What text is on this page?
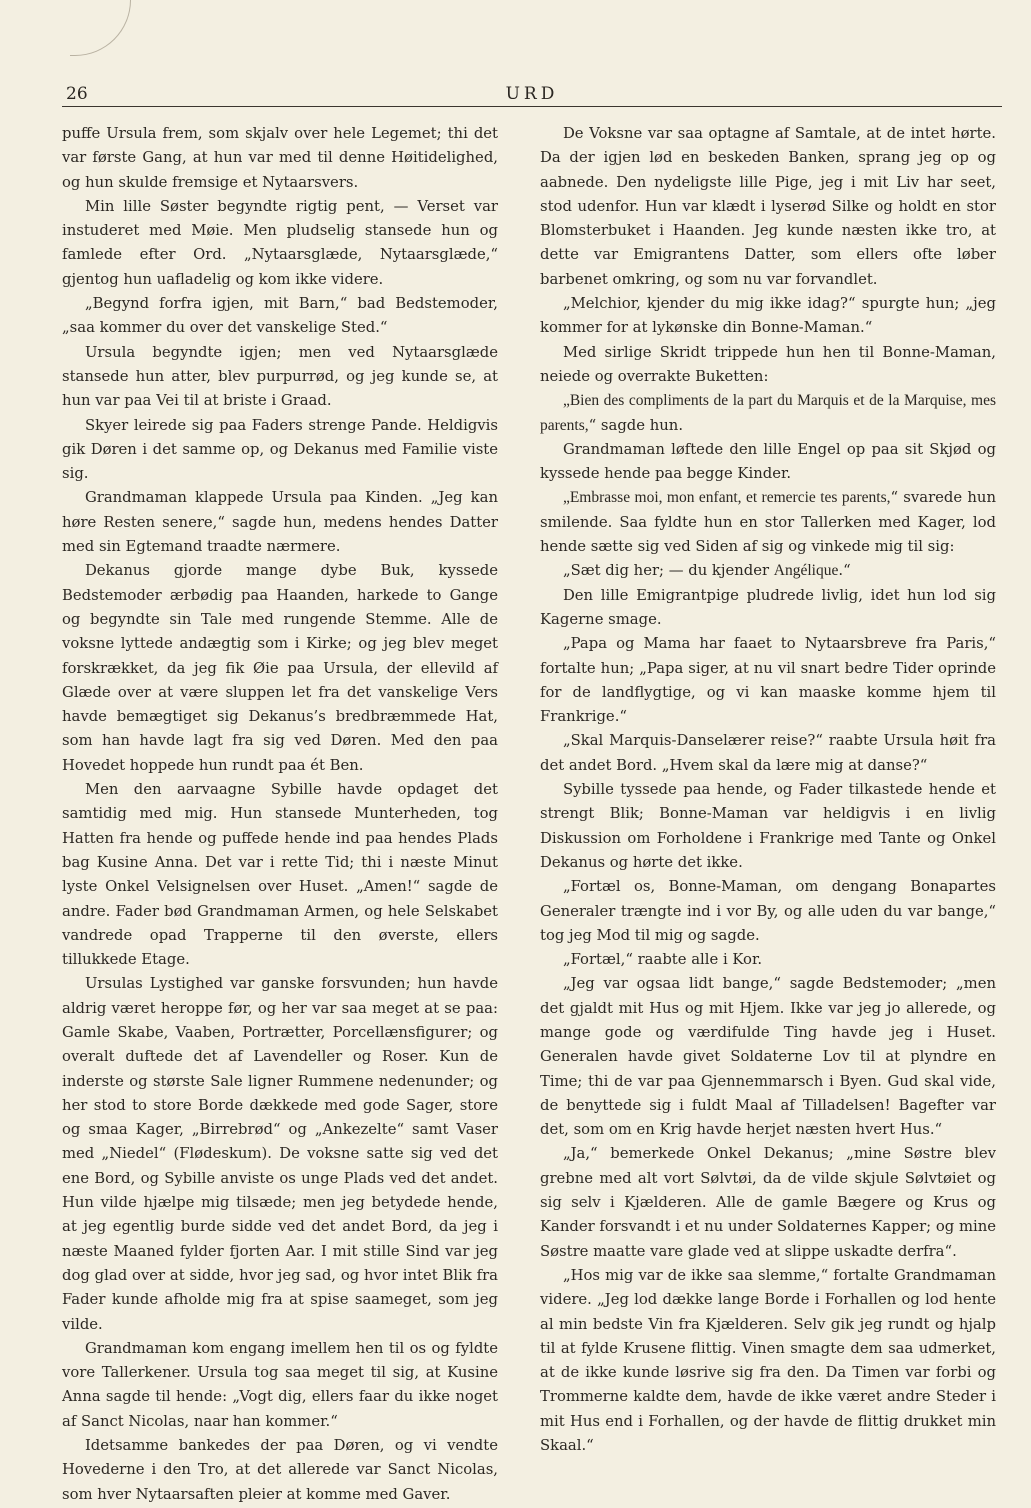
26	URD

puffe Ursula frem, som skjalv over hele Legemet; thi det var første Gang, at hun var med til denne Høitidelighed, og hun skulde fremsige et Nytaarsvers.

Min lille Søster begyndte rigtig pent, — Verset var instuderet med Møie. Men pludselig stansede hun og famlede efter Ord. „Nytaarsglæde, Nytaarsglæde,“ gjentog hun uafladelig og kom ikke videre.

„Begynd forfra igjen, mit Barn,“ bad Bedstemoder, „saa kommer du over det vanskelige Sted.“

Ursula begyndte igjen; men ved Nytaarsglæde stansede hun atter, blev purpurrød, og jeg kunde se, at hun var paa Vei til at briste i Graad.

Skyer leirede sig paa Faders strenge Pande. Heldigvis gik Døren i det samme op, og Dekanus med Familie viste sig.

Grandmaman klappede Ursula paa Kinden. „Jeg kan høre Resten senere,“ sagde hun, medens hendes Datter med sin Egtemand traadte nærmere.

Dekanus gjorde mange dybe Buk, kyssede Bedstemoder ærbødig paa Haanden, harkede to Gange og begyndte sin Tale med rungende Stemme. Alle de voksne lyttede andægtig som i Kirke; og jeg blev meget forskrækket, da jeg fik Øie paa Ursula, der ellevild af Glæde over at være sluppen let fra det vanskelige Vers havde bemægtiget sig Dekanus’s bredbræmmede Hat, som han havde lagt fra sig ved Døren. Med den paa Hovedet hoppede hun rundt paa ét Ben.

Men den aarvaagne Sybille havde opdaget det samtidig med mig. Hun stansede Munterheden, tog Hatten fra hende og puffede hende ind paa hendes Plads bag Kusine Anna. Det var i rette Tid; thi i næste Minut lyste Onkel Velsignelsen over Huset. „Amen!“ sagde de andre. Fader bød Grandmaman Armen, og hele Selskabet vandrede opad Trapperne til den øverste, ellers tillukkede Etage.

Ursulas Lystighed var ganske forsvunden; hun havde aldrig været heroppe før, og her var saa meget at se paa: Gamle Skabe, Vaaben, Portrætter, Porcellænsfigurer; og overalt duftede det af Lavendeller og Roser. Kun de inderste og største Sale ligner Rummene nedenunder; og her stod to store Borde dækkede med gode Sager, store og smaa Kager, „Birrebrød“ og „Ankezelte“ samt Vaser med „Niedel“ (Flødeskum). De voksne satte sig ved det ene Bord, og Sybille anviste os unge Plads ved det andet. Hun vilde hjælpe mig tilsæde; men jeg betydede hende, at jeg egentlig burde sidde ved det andet Bord, da jeg i næste Maaned fylder fjorten Aar. I mit stille Sind var jeg dog glad over at sidde, hvor jeg sad, og hvor intet Blik fra Fader kunde afholde mig fra at spise saameget, som jeg vilde.

Grandmaman kom engang imellem hen til os og fyldte vore Tallerkener. Ursula tog saa meget til sig, at Kusine Anna sagde til hende: „Vogt dig, ellers faar du ikke noget af Sanct Nicolas, naar han kommer.“

Idetsamme bankedes der paa Døren, og vi vendte Hovederne i den Tro, at det allerede var Sanct Nicolas, som hver Nytaarsaften pleier at komme med Gaver.

De Voksne var saa optagne af Samtale, at de intet hørte. Da der igjen lød en beskeden Banken, sprang jeg op og aabnede. Den nydeligste lille Pige, jeg i mit Liv har seet, stod udenfor. Hun var klædt i lyserød Silke og holdt en stor Blomsterbuket i Haanden. Jeg kunde næsten ikke tro, at dette var Emigrantens Datter, som ellers ofte løber barbenet omkring, og som nu var forvandlet.

„Melchior, kjender du mig ikke idag?“ spurgte hun; „jeg kommer for at lykønske din Bonne-Maman.“

Med sirlige Skridt trippede hun hen til Bonne-Maman, neiede og overrakte Buketten:

„Bien des compliments de la part du Marquis et de la Marquise, mes parents,“ sagde hun.

Grandmaman løftede den lille Engel op paa sit Skjød og kyssede hende paa begge Kinder.

„Embrasse moi, mon enfant, et remercie tes parents,“ svarede hun smilende. Saa fyldte hun en stor Tallerken med Kager, lod hende sætte sig ved Siden af sig og vinkede mig til sig:

„Sæt dig her; — du kjender Angélique.“

Den lille Emigrantpige pludrede livlig, idet hun lod sig Kagerne smage.

„Papa og Mama har faaet to Nytaarsbreve fra Paris,“ fortalte hun; „Papa siger, at nu vil snart bedre Tider oprinde for de landflygtige, og vi kan maaske komme hjem til Frankrige.“

„Skal Marquis-Danselærer reise?“ raabte Ursula høit fra det andet Bord. „Hvem skal da lære mig at danse?“

Sybille tyssede paa hende, og Fader tilkastede hende et strengt Blik; Bonne-Maman var heldigvis i en livlig Diskussion om Forholdene i Frankrige med Tante og Onkel Dekanus og hørte det ikke.

„Fortæl os, Bonne-Maman, om dengang Bonapartes Generaler trængte ind i vor By, og alle uden du var bange,“ tog jeg Mod til mig og sagde.

„Fortæl,“ raabte alle i Kor.

„Jeg var ogsaa lidt bange,“ sagde Bedstemoder; „men det gjaldt mit Hus og mit Hjem. Ikke var jeg jo allerede, og mange gode og værdifulde Ting havde jeg i Huset. Generalen havde givet Soldaterne Lov til at plyndre en Time; thi de var paa Gjennemmarsch i Byen. Gud skal vide, de benyttede sig i fuldt Maal af Tilladelsen! Bagefter var det, som om en Krig havde herjet næsten hvert Hus.“

„Ja,“ bemerkede Onkel Dekanus; „mine Søstre blev grebne med alt vort Sølvtøi, da de vilde skjule Sølvtøiet og sig selv i Kjælderen. Alle de gamle Bægere og Krus og Kander forsvandt i et nu under Soldaternes Kapper; og mine Søstre maatte vare glade ved at slippe uskadte derfra“.

„Hos mig var de ikke saa slemme,“ fortalte Grandmaman videre. „Jeg lod dække lange Borde i Forhallen og lod hente al min bedste Vin fra Kjælderen. Selv gik jeg rundt og hjalp til at fylde Krusene flittig. Vinen smagte dem saa udmerket, at de ikke kunde løsrive sig fra den. Da Timen var forbi og Trommerne kaldte dem, havde de ikke været andre Steder i mit Hus end i Forhallen, og der havde de flittig drukket min Skaal.“
